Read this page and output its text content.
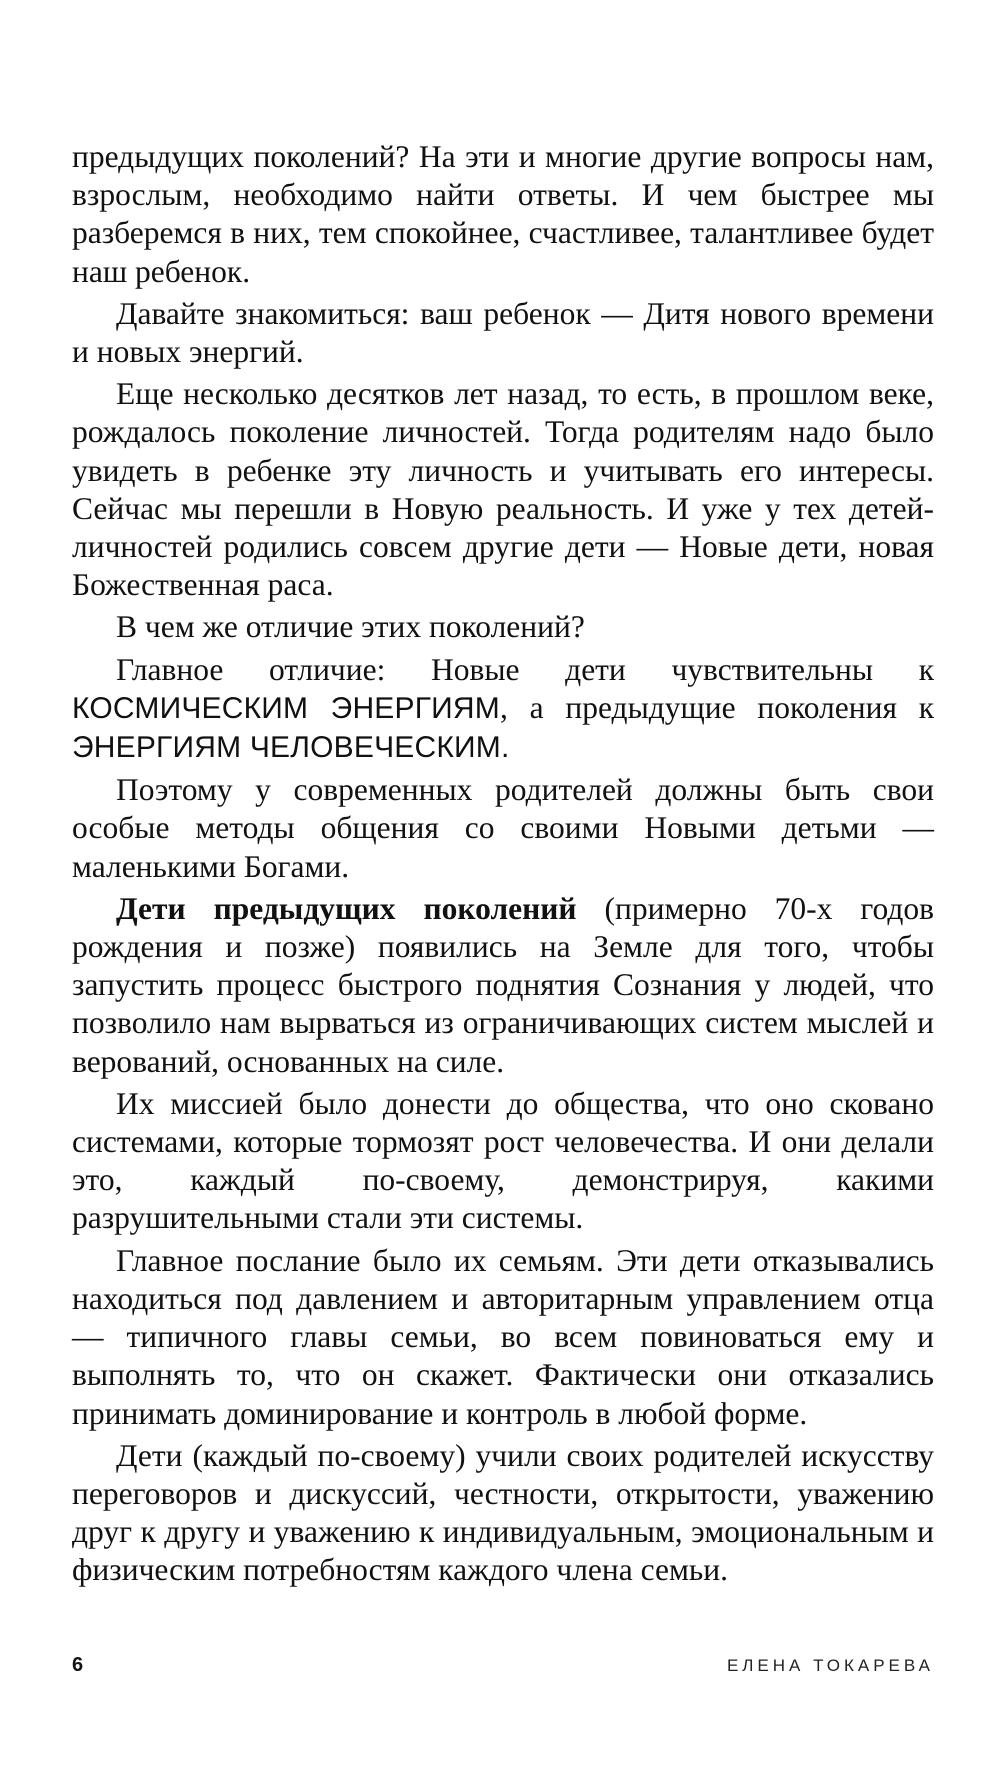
предыдущих поколений? На эти и многие другие вопросы нам, взрослым, необходимо найти ответы. И чем быстрее мы разберемся в них, тем спокойнее, счастливее, талантливее будет наш ребенок.

Давайте знакомиться: ваш ребенок — Дитя нового времени и новых энергий.

Еще несколько десятков лет назад, то есть, в прошлом веке, рождалось поколение личностей. Тогда родителям надо было увидеть в ребенке эту личность и учитывать его интересы. Сейчас мы перешли в Новую реальность. И уже у тех детей-личностей родились совсем другие дети — Новые дети, новая Божественная раса.

В чем же отличие этих поколений?

Главное отличие: Новые дети чувствительны к КОСМИЧЕСКИМ ЭНЕРГИЯМ, а предыдущие поколения к ЭНЕРГИЯМ ЧЕЛОВЕЧЕСКИМ.

Поэтому у современных родителей должны быть свои особые методы общения со своими Новыми детьми — маленькими Богами.

Дети предыдущих поколений (примерно 70-х годов рождения и позже) появились на Земле для того, чтобы запустить процесс быстрого поднятия Сознания у людей, что позволило нам вырваться из ограничивающих систем мыслей и верований, основанных на силе.

Их миссией было донести до общества, что оно сковано системами, которые тормозят рост человечества. И они делали это, каждый по-своему, демонстрируя, какими разрушительными стали эти системы.

Главное послание было их семьям. Эти дети отказывались находиться под давлением и авторитарным управлением отца — типичного главы семьи, во всем повиноваться ему и выполнять то, что он скажет. Фактически они отказались принимать доминирование и контроль в любой форме.

Дети (каждый по-своему) учили своих родителей искусству переговоров и дискуссий, честности, открытости, уважению друг к другу и уважению к индивидуальным, эмоциональным и физическим потребностям каждого члена семьи.

6	ЕЛЕНА ТОКАРЕВА
